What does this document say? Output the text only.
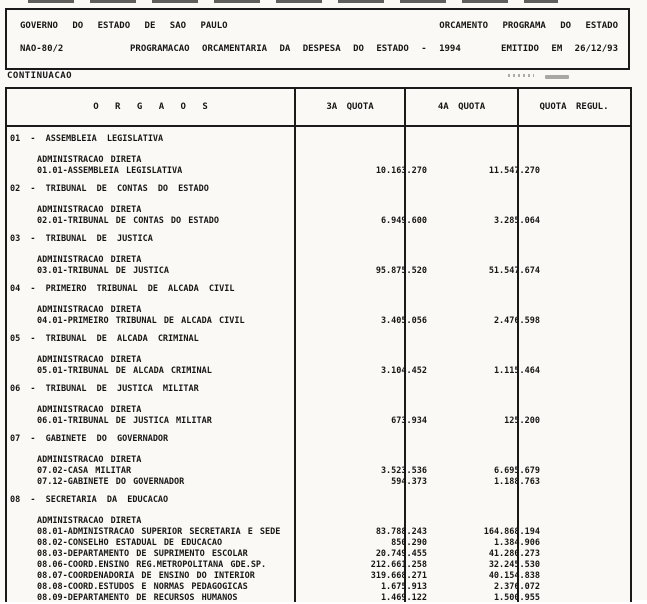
GOVERNO DO ESTADO DE SAO PAULO

	ORCAMENTO PROGRAMA DO ESTADO

NAO-80/2

	PROGRAMACAO ORCAMENTARIA DA DESPESA DO ESTADO - 1994

	EMITIDO EM 26/12/93

CONTINUACAO
O R G A O S	3A QUOTA	4A QUOTA	QUOTA REGUL.
01 - ASSEMBLEIA LEGISLATIVA
ADMINISTRACAO DIRETA
01.01-ASSEMBLEIA LEGISLATIVA	10.163.270	11.547.270
02 - TRIBUNAL DE CONTAS DO ESTADO
ADMINISTRACAO DIRETA
02.01-TRIBUNAL DE CONTAS DO ESTADO	6.949.600	3.285.064
03 - TRIBUNAL DE JUSTICA
ADMINISTRACAO DIRETA
03.01-TRIBUNAL DE JUSTICA	95.875.520	51.547.674
04 - PRIMEIRO TRIBUNAL DE ALCADA CIVIL
ADMINISTRACAO DIRETA
04.01-PRIMEIRO TRIBUNAL DE ALCADA CIVIL	3.405.056	2.476.598
05 - TRIBUNAL DE ALCADA CRIMINAL
ADMINISTRACAO DIRETA
05.01-TRIBUNAL DE ALCADA CRIMINAL	3.104.452	1.115.464
06 - TRIBUNAL DE JUSTICA MILITAR
ADMINISTRACAO DIRETA
06.01-TRIBUNAL DE JUSTICA MILITAR	673.934	125.200
07 - GABINETE DO GOVERNADOR
ADMINISTRACAO DIRETA
07.02-CASA MILITAR	3.523.536	6.695.679
07.12-GABINETE DO GOVERNADOR	594.373	1.188.763
08 - SECRETARIA DA EDUCACAO
ADMINISTRACAO DIRETA
08.01-ADMINISTRACAO SUPERIOR SECRETARIA E SEDE	83.788.243	164.868.194
08.02-CONSELHO ESTADUAL DE EDUCACAO	850.290	1.384.906
08.03-DEPARTAMENTO DE SUPRIMENTO ESCOLAR	20.749.455	41.280.273
08.06-COORD.ENSINO REG.METROPOLITANA GDE.SP.	212.661.258	32.245.530
08.07-COORDENADORIA DE ENSINO DO INTERIOR	319.668.271	40.154.838
08.08-COORD.ESTUDOS E NORMAS PEDAGOGICAS	1.675.913	2.376.072
08.09-DEPARTAMENTO DE RECURSOS HUMANOS	1.469.122	1.500.955
